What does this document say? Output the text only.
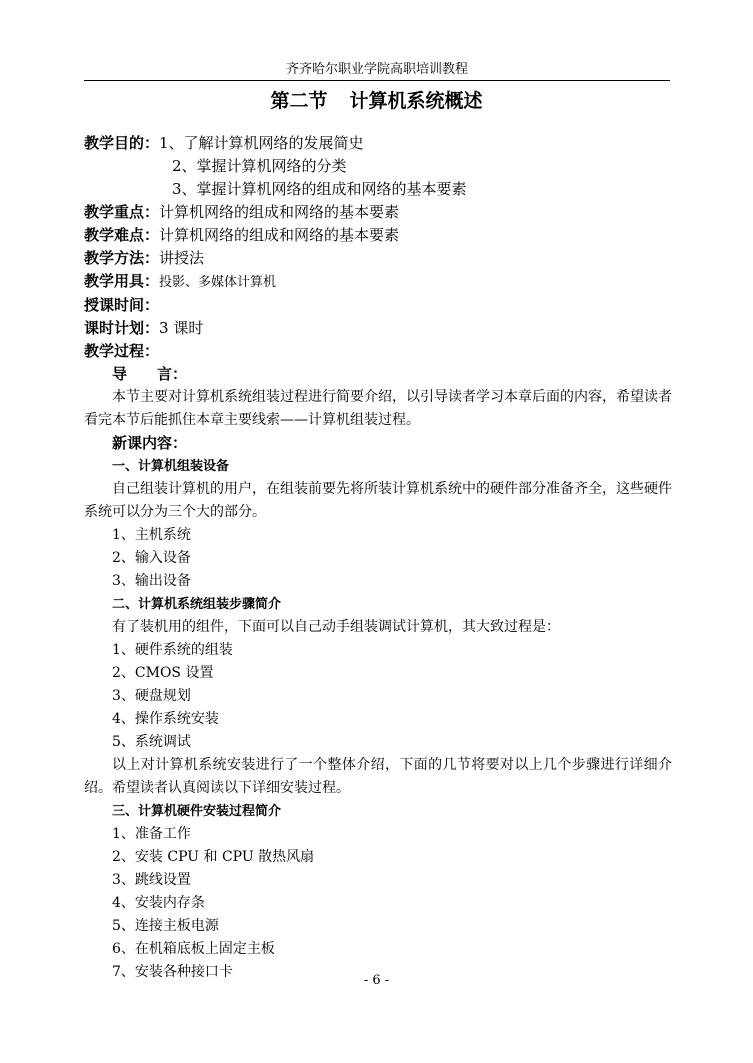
齐齐哈尔职业学院高职培训教程
第二节 计算机系统概述
教学目的：1、了解计算机网络的发展简史
2、掌握计算机网络的分类
3、掌握计算机网络的组成和网络的基本要素
教学重点：计算机网络的组成和网络的基本要素
教学难点：计算机网络的组成和网络的基本要素
教学方法：讲授法
教学用具：投影、多媒体计算机
授课时间：
课时计划：3 课时
教学过程：
导 言：
本节主要对计算机系统组装过程进行简要介绍，以引导读者学习本章后面的内容，希望读者看完本节后能抓住本章主要线索——计算机组装过程。
新课内容：
一、计算机组装设备
自己组装计算机的用户，在组装前要先将所装计算机系统中的硬件部分准备齐全，这些硬件系统可以分为三个大的部分。
1、主机系统
2、输入设备
3、输出设备
二、计算机系统组装步骤简介
有了装机用的组件，下面可以自己动手组装调试计算机，其大致过程是：
1、硬件系统的组装
2、CMOS 设置
3、硬盘规划
4、操作系统安装
5、系统调试
以上对计算机系统安装进行了一个整体介绍，下面的几节将要对以上几个步骤进行详细介绍。希望读者认真阅读以下详细安装过程。
三、计算机硬件安装过程简介
1、准备工作
2、安装 CPU 和 CPU 散热风扇
3、跳线设置
4、安装内存条
5、连接主板电源
6、在机箱底板上固定主板
7、安装各种接口卡
- 6 -
